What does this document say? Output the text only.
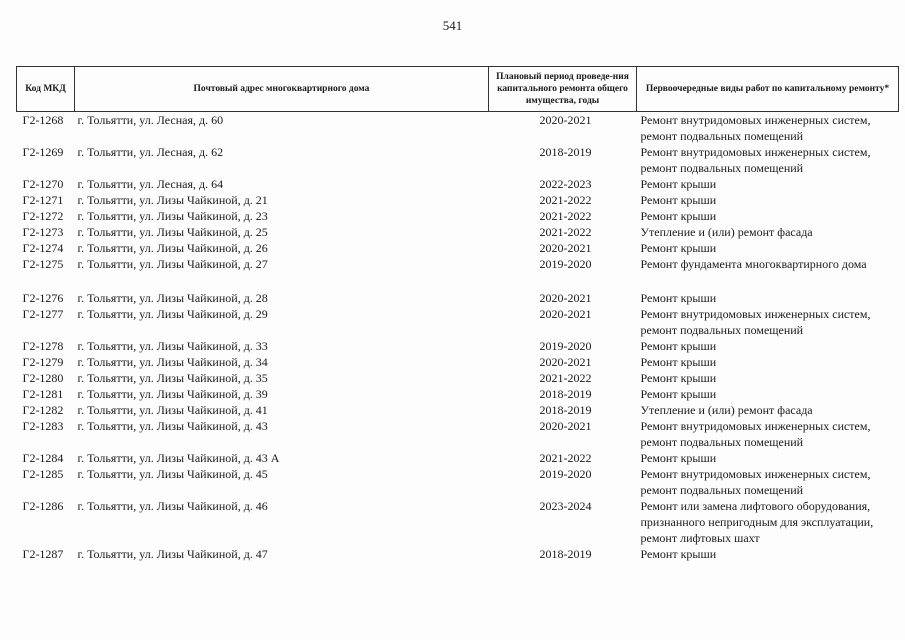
541
Код МКД	Почтовый адрес многоквартирного дома	Плановый период проведе-ния капитального ремонта общего имущества, годы	Первоочередные виды работ по капитальному ремонту*
Г2-1268	г. Тольятти, ул. Лесная, д. 60	2020-2021	Ремонт внутридомовых инженерных систем,
ремонт подвальных помещений

Г2-1269	г. Тольятти, ул. Лесная, д. 62	2018-2019	Ремонт внутридомовых инженерных систем,
ремонт подвальных помещений

Г2-1270	г. Тольятти, ул. Лесная, д. 64	2022-2023	Ремонт крыши

Г2-1271	г. Тольятти, ул. Лизы Чайкиной, д. 21	2021-2022	Ремонт крыши

Г2-1272	г. Тольятти, ул. Лизы Чайкиной, д. 23	2021-2022	Ремонт крыши

Г2-1273	г. Тольятти, ул. Лизы Чайкиной, д. 25	2021-2022	Утепление и (или) ремонт фасада

Г2-1274	г. Тольятти, ул. Лизы Чайкиной, д. 26	2020-2021	Ремонт крыши

Г2-1275	г. Тольятти, ул. Лизы Чайкиной, д. 27	2019-2020	Ремонт фундамента многоквартирного дома

Г2-1276	г. Тольятти, ул. Лизы Чайкиной, д. 28	2020-2021	Ремонт крыши

Г2-1277	г. Тольятти, ул. Лизы Чайкиной, д. 29	2020-2021	Ремонт внутридомовых инженерных систем,
ремонт подвальных помещений

Г2-1278	г. Тольятти, ул. Лизы Чайкиной, д. 33	2019-2020	Ремонт крыши

Г2-1279	г. Тольятти, ул. Лизы Чайкиной, д. 34	2020-2021	Ремонт крыши

Г2-1280	г. Тольятти, ул. Лизы Чайкиной, д. 35	2021-2022	Ремонт крыши

Г2-1281	г. Тольятти, ул. Лизы Чайкиной, д. 39	2018-2019	Ремонт крыши

Г2-1282	г. Тольятти, ул. Лизы Чайкиной, д. 41	2018-2019	Утепление и (или) ремонт фасада

Г2-1283	г. Тольятти, ул. Лизы Чайкиной, д. 43	2020-2021	Ремонт внутридомовых инженерных систем,
ремонт подвальных помещений

Г2-1284	г. Тольятти, ул. Лизы Чайкиной, д. 43 А	2021-2022	Ремонт крыши

Г2-1285	г. Тольятти, ул. Лизы Чайкиной, д. 45	2019-2020	Ремонт внутридомовых инженерных систем,
ремонт подвальных помещений

Г2-1286	г. Тольятти, ул. Лизы Чайкиной, д. 46	2023-2024	Ремонт или замена лифтового оборудования,
признанного непригодным для эксплуатации,
ремонт лифтовых шахт

Г2-1287	г. Тольятти, ул. Лизы Чайкиной, д. 47	2018-2019	Ремонт крыши
